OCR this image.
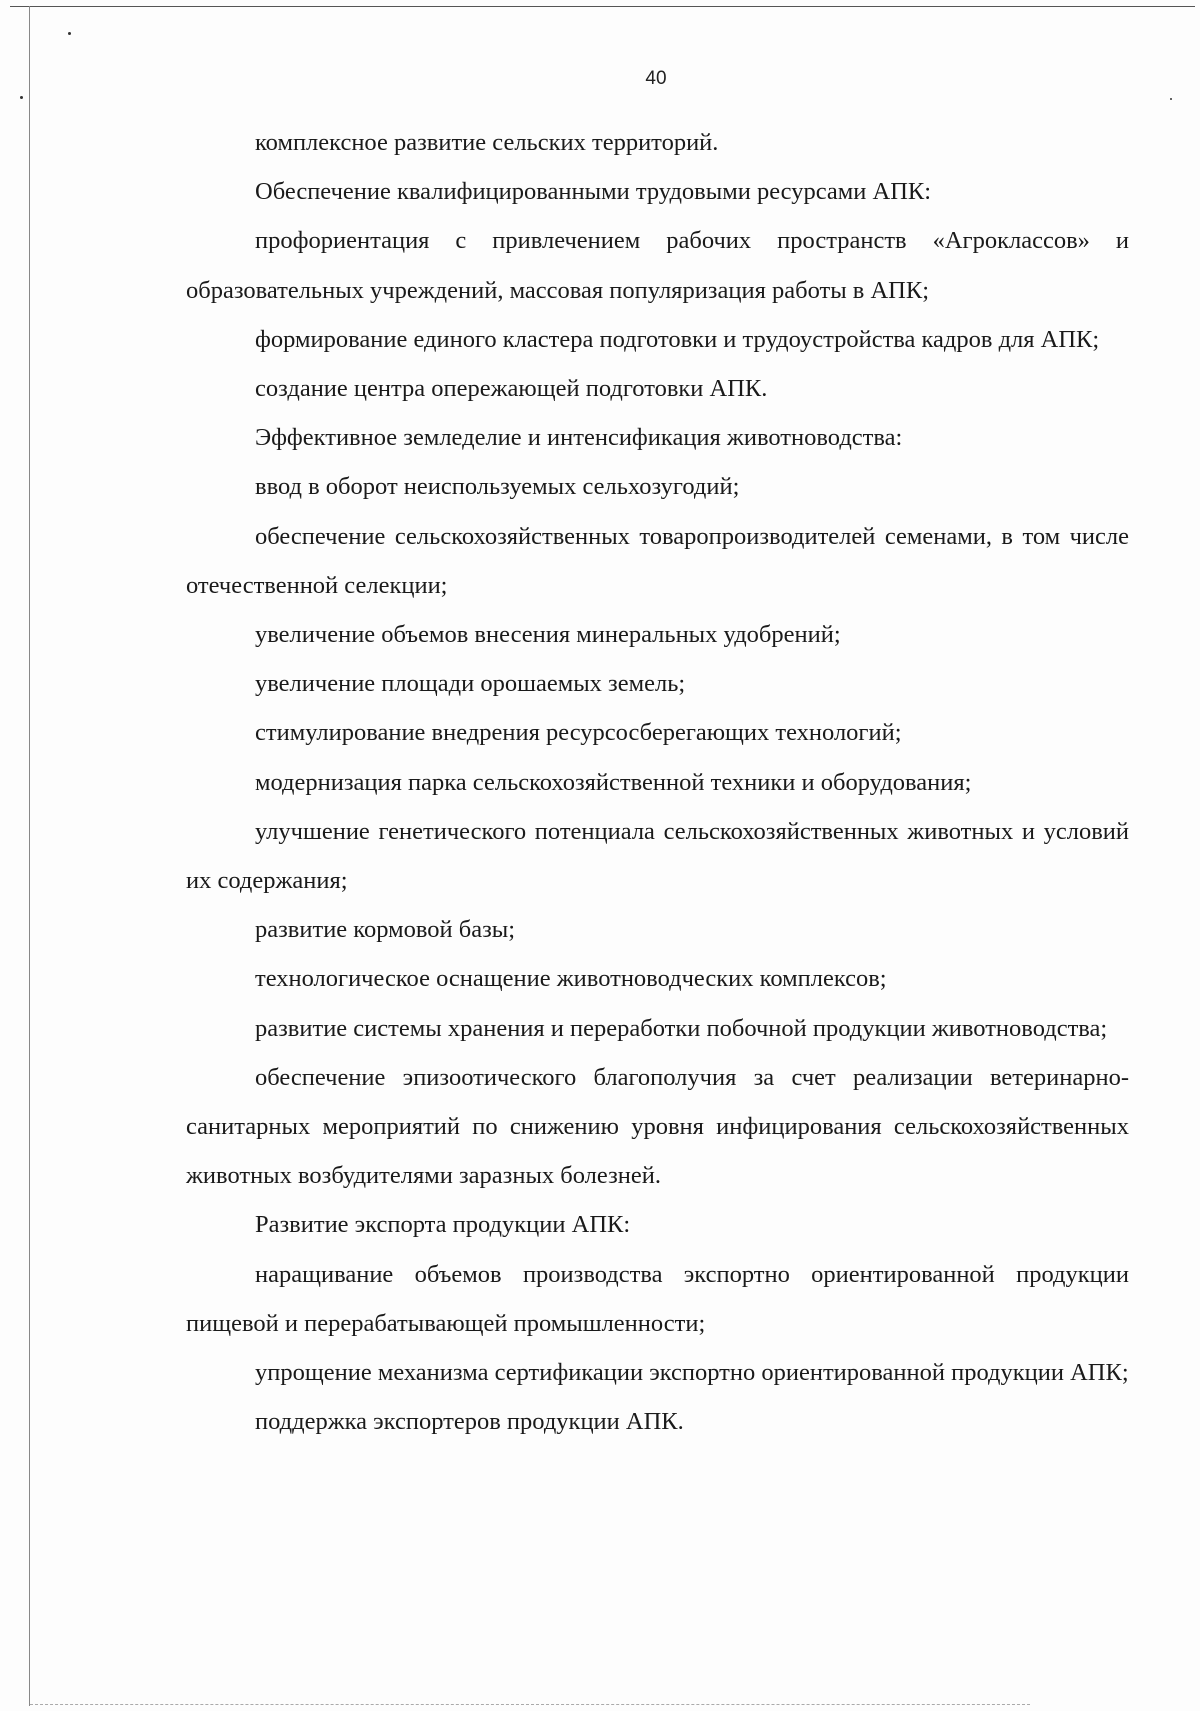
40

комплексное развитие сельских территорий.

Обеспечение квалифицированными трудовыми ресурсами АПК:

профориентация с привлечением рабочих пространств «Агроклассов» и образовательных учреждений, массовая популяризация работы в АПК;

формирование единого кластера подготовки и трудоустройства кадров для АПК;

создание центра опережающей подготовки АПК.

Эффективное земледелие и интенсификация животноводства:

ввод в оборот неиспользуемых сельхозугодий;

обеспечение сельскохозяйственных товаропроизводителей семенами, в том числе отечественной селекции;

увеличение объемов внесения минеральных удобрений;

увеличение площади орошаемых земель;

стимулирование внедрения ресурсосберегающих технологий;

модернизация парка сельскохозяйственной техники и оборудования;

улучшение генетического потенциала сельскохозяйственных животных и условий их содержания;

развитие кормовой базы;

технологическое оснащение животноводческих комплексов;

развитие системы хранения и переработки побочной продукции животноводства;

обеспечение эпизоотического благополучия за счет реализации ветеринарно-санитарных мероприятий по снижению уровня инфицирования сельскохозяйственных животных возбудителями заразных болезней.

Развитие экспорта продукции АПК:

наращивание объемов производства экспортно ориентированной продукции пищевой и перерабатывающей промышленности;

упрощение механизма сертификации экспортно ориентированной продукции АПК;

поддержка экспортеров продукции АПК.
